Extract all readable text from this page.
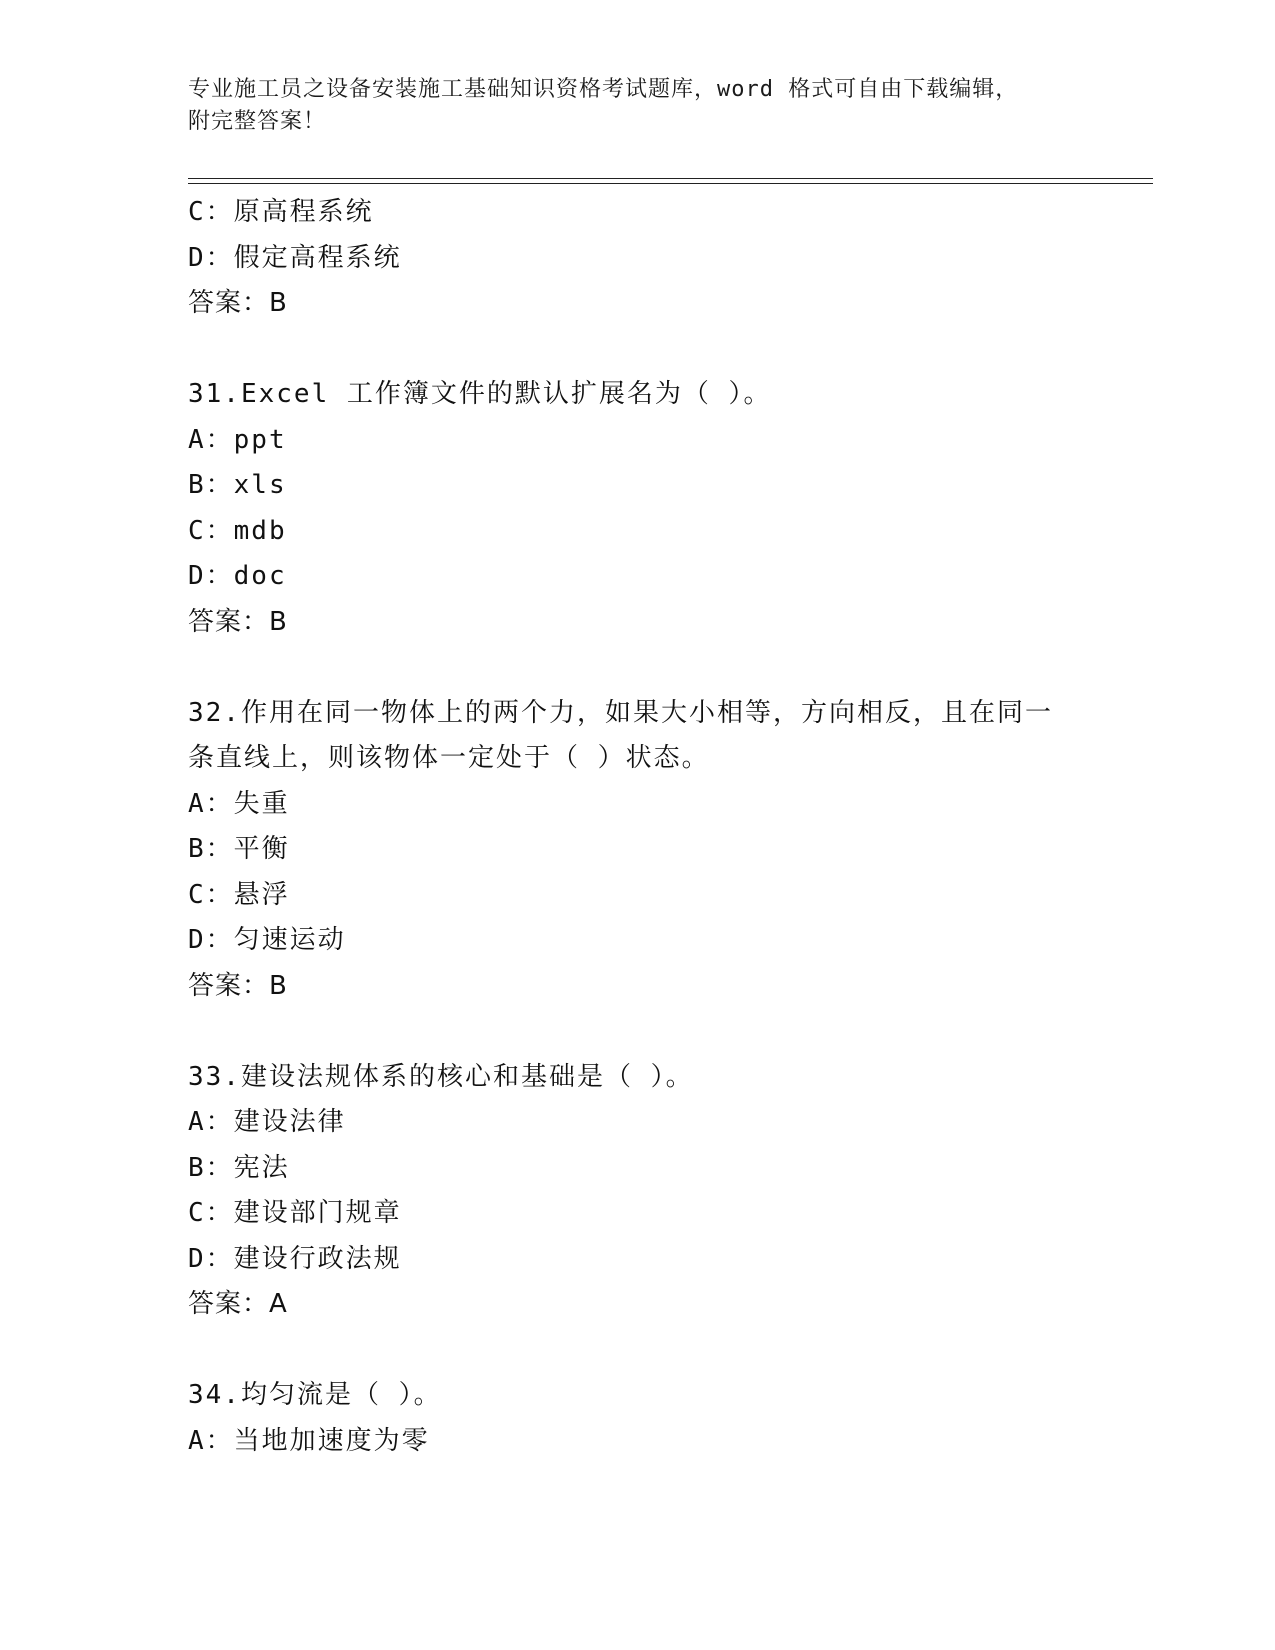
专业施工员之设备安装施工基础知识资格考试题库，word 格式可自由下载编辑，
附完整答案！
C：原高程系统
D：假定高程系统
答案：B
31.Excel 工作簿文件的默认扩展名为（ ）。
A：ppt
B：xls
C：mdb
D：doc
答案：B
32.作用在同一物体上的两个力，如果大小相等，方向相反，且在同一
条直线上，则该物体一定处于（ ）状态。
A：失重
B：平衡
C：悬浮
D：匀速运动
答案：B
33.建设法规体系的核心和基础是（ ）。
A：建设法律
B：宪法
C：建设部门规章
D：建设行政法规
答案：A
34.均匀流是（ ）。
A：当地加速度为零
